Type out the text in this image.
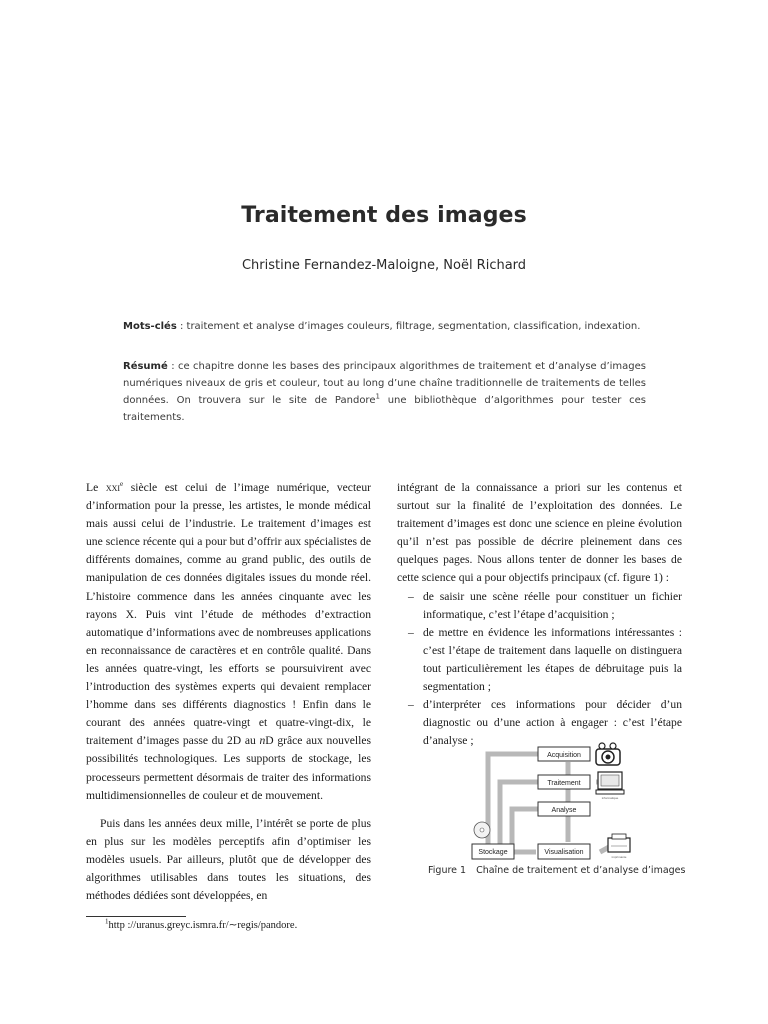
Traitement des images
Christine Fernandez-Maloigne, Noël Richard
Mots-clés : traitement et analyse d’images couleurs, filtrage, segmentation, classification, indexation.
Résumé : ce chapitre donne les bases des principaux algorithmes de traitement et d’analyse d’images numériques niveaux de gris et couleur, tout au long d’une chaîne traditionnelle de traitements de telles données. On trouvera sur le site de Pandore$^1$ une bibliothèque d’algorithmes pour tester ces traitements.

Le xxi$^e$ siècle est celui de l’image numérique, vecteur d’information pour la presse, les artistes, le monde médical mais aussi celui de l’industrie. Le traitement d’images est une science récente qui a pour but d’offrir aux spécialistes de différents domaines, comme au grand public, des outils de manipulation de ces données digitales issues du monde réel. L’histoire commence dans les années cinquante avec les rayons X. Puis vint l’étude de méthodes d’extraction automatique d’informations avec de nombreuses applications en reconnaissance de caractères et en contrôle qualité. Dans les années quatre-vingt, les efforts se poursuivirent avec l’introduction des systèmes experts qui devaient remplacer l’homme dans ses différents diagnostics ! Enfin dans le courant des années quatre-vingt et quatre-vingt-dix, le traitement d’images passe du 2D au nD grâce aux nouvelles possibilités technologiques. Les supports de stockage, les processeurs permettent désormais de traiter des informations multidimensionnelles de couleur et de mouvement.

Puis dans les années deux mille, l’intérêt se porte de plus en plus sur les modèles perceptifs afin d’optimiser les modèles usuels. Par ailleurs, plutôt que de développer des algorithmes utilisables dans toutes les situations, des méthodes dédiées sont développées, en

intégrant de la connaissance a priori sur les contenus et surtout sur la finalité de l’exploitation des données. Le traitement d’images est donc une science en pleine évolution qu’il n’est pas possible de décrire pleinement dans ces quelques pages. Nous allons tenter de donner les bases de cette science qui a pour objectifs principaux (cf. figure 1) :

– de saisir une scène réelle pour constituer un fichier informatique, c’est l’étape d’acquisition ;
– de mettre en évidence les informations intéressantes : c’est l’étape de traitement dans laquelle on distinguera tout particulièrement les étapes de débruitage puis la segmentation ;
– d’interpréter ces informations pour décider d’un diagnostic ou d’une action à engager : c’est l’étape d’analyse ;
Acquisition
Traitement
Analyse
Stockage	Visualisation
informatique
imprimante
Figure 1 Chaîne de traitement et d’analyse d’images
$^1$http ://uranus.greyc.ismra.fr/∼regis/pandore.
